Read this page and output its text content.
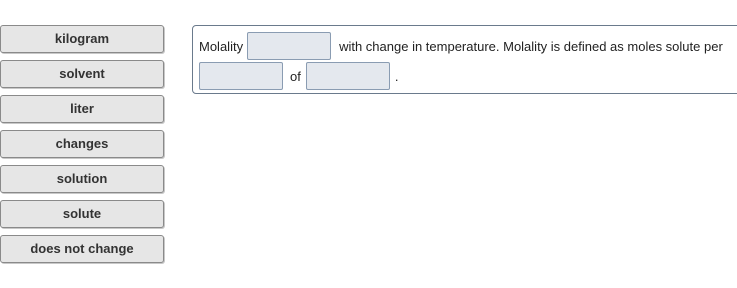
kilogram
solvent
liter
changes
solution
solute
does not change
Molality	with change in temperature. Molality is defined as moles solute per
of	.
